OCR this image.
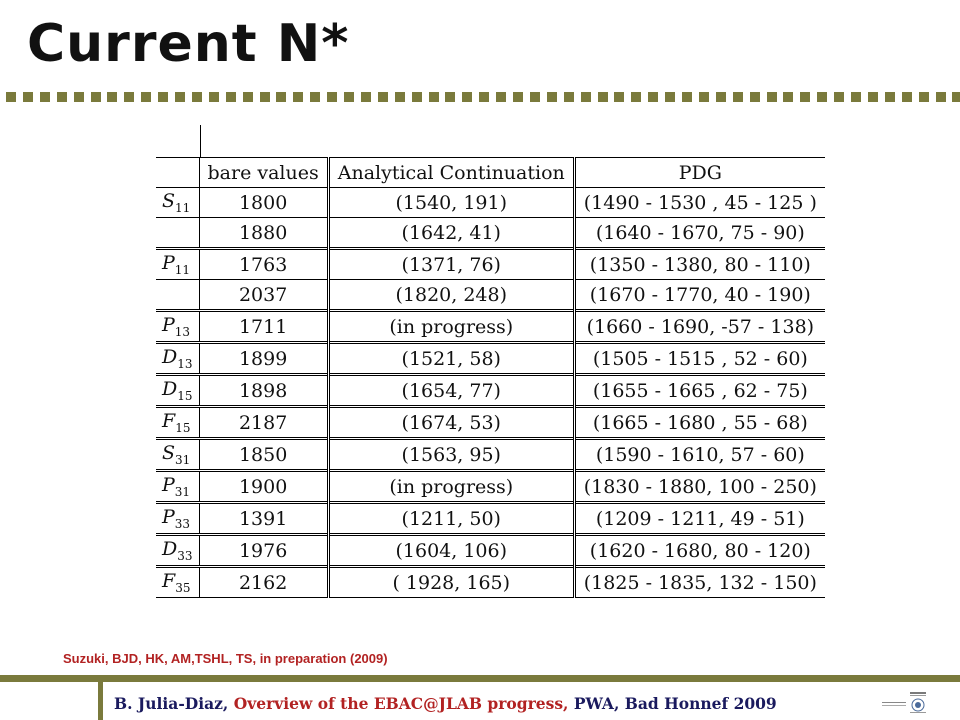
Current N*
	bare values	Analytical Continuation	PDG
$S_{11}$	1800	(1540, 191)	(1490 - 1530 , 45 - 125 )
	1880	(1642, 41)	(1640 - 1670, 75 - 90)
$P_{11}$	1763	(1371, 76)	(1350 - 1380, 80 - 110)
	2037	(1820, 248)	(1670 - 1770, 40 - 190)
$P_{13}$	1711	(in progress)	(1660 - 1690, -57 - 138)
$D_{13}$	1899	(1521, 58)	(1505 - 1515 , 52 - 60)
$D_{15}$	1898	(1654, 77)	(1655 - 1665 , 62 - 75)
$F_{15}$	2187	(1674, 53)	(1665 - 1680 , 55 - 68)
$S_{31}$	1850	(1563, 95)	(1590 - 1610, 57 - 60)
$P_{31}$	1900	(in progress)	(1830 - 1880, 100 - 250)
$P_{33}$	1391	(1211, 50)	(1209 - 1211, 49 - 51)
$D_{33}$	1976	(1604, 106)	(1620 - 1680, 80 - 120)
$F_{35}$	2162	( 1928, 165)	(1825 - 1835, 132 - 150)
Suzuki, BJD, HK, AM,TSHL, TS, in preparation (2009)
B. Julia-Diaz, Overview of the EBAC@JLAB progress, PWA, Bad Honnef 2009
